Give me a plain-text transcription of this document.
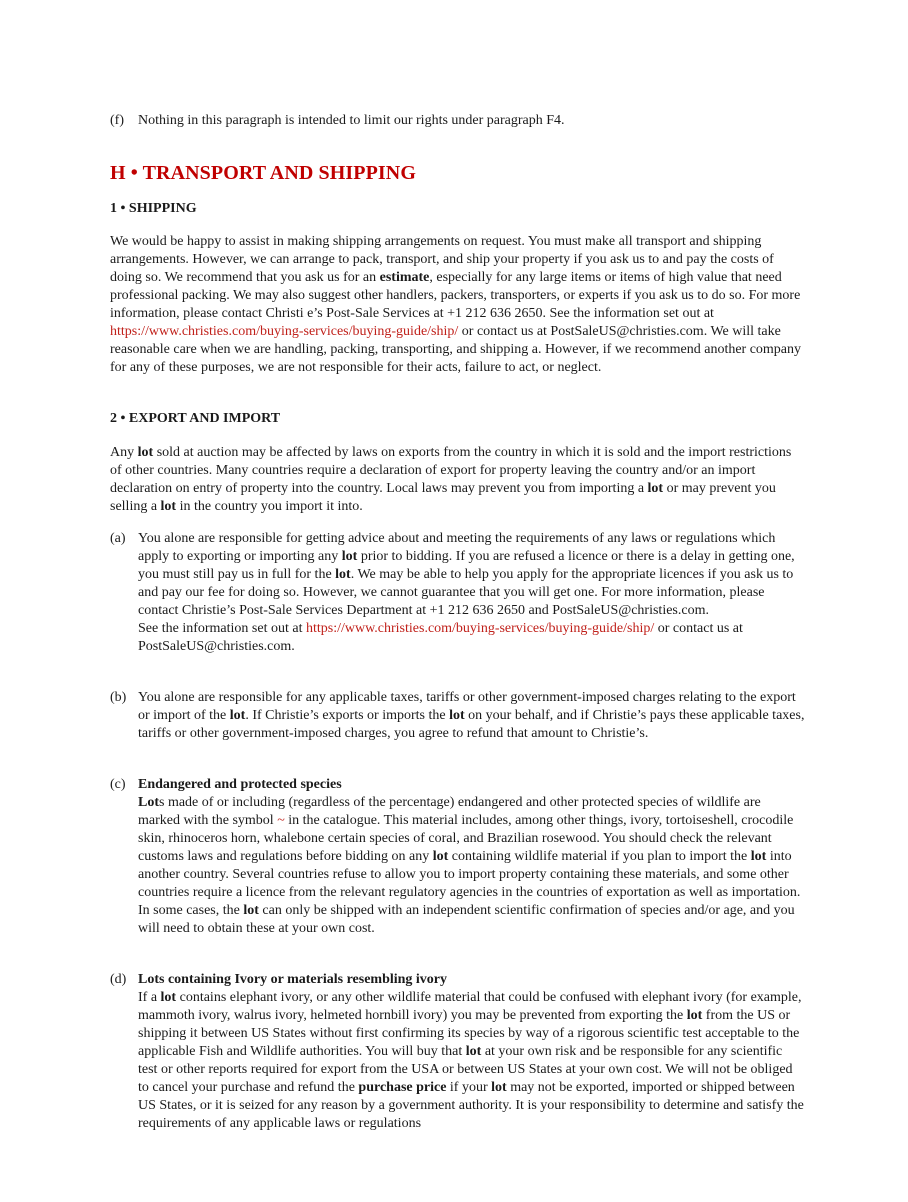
(f) Nothing in this paragraph is intended to limit our rights under paragraph F4.
H • TRANSPORT AND SHIPPING
1 • SHIPPING

We would be happy to assist in making shipping arrangements on request. You must make all transport and shipping arrangements. However, we can arrange to pack, transport, and ship your property if you ask us to and pay the costs of doing so. We recommend that you ask us for an estimate, especially for any large items or items of high value that need professional packing. We may also suggest other handlers, packers, transporters, or experts if you ask us to do so. For more information, please contact Christi e’s Post-Sale Services at +1 212 636 2650. See the information set out at https://www.christies.com/buying-services/buying-guide/ship/ or contact us at PostSaleUS@christies.com. We will take reasonable care when we are handling, packing, transporting, and shipping a. However, if we recommend another company for any of these purposes, we are not responsible for their acts, failure to act, or neglect.

2 • EXPORT AND IMPORT

Any lot sold at auction may be affected by laws on exports from the country in which it is sold and the import restrictions of other countries. Many countries require a declaration of export for property leaving the country and/or an import declaration on entry of property into the country. Local laws may prevent you from importing a lot or may prevent you selling a lot in the country you import it into.

(a) You alone are responsible for getting advice about and meeting the requirements of any laws or regulations which apply to exporting or importing any lot prior to bidding. If you are refused a licence or there is a delay in getting one, you must still pay us in full for the lot. We may be able to help you apply for the appropriate licences if you ask us to and pay our fee for doing so. However, we cannot guarantee that you will get one. For more information, please contact Christie’s Post-Sale Services Department at +1 212 636 2650 and PostSaleUS@christies.com.
See the information set out at https://www.christies.com/buying-services/buying-guide/ship/ or contact us at PostSaleUS@christies.com.
(b) You alone are responsible for any applicable taxes, tariffs or other government-imposed charges relating to the export or import of the lot. If Christie’s exports or imports the lot on your behalf, and if Christie’s pays these applicable taxes, tariffs or other government-imposed charges, you agree to refund that amount to Christie’s.
(c) Endangered and protected species
Lots made of or including (regardless of the percentage) endangered and other protected species of wildlife are marked with the symbol ~ in the catalogue. This material includes, among other things, ivory, tortoiseshell, crocodile skin, rhinoceros horn, whalebone certain species of coral, and Brazilian rosewood. You should check the relevant customs laws and regulations before bidding on any lot containing wildlife material if you plan to import the lot into another country. Several countries refuse to allow you to import property containing these materials, and some other countries require a licence from the relevant regulatory agencies in the countries of exportation as well as importation. In some cases, the lot can only be shipped with an independent scientific confirmation of species and/or age, and you will need to obtain these at your own cost.
(d) Lots containing Ivory or materials resembling ivory
If a lot contains elephant ivory, or any other wildlife material that could be confused with elephant ivory (for example, mammoth ivory, walrus ivory, helmeted hornbill ivory) you may be prevented from exporting the lot from the US or shipping it between US States without first confirming its species by way of a rigorous scientific test acceptable to the applicable Fish and Wildlife authorities. You will buy that lot at your own risk and be responsible for any scientific test or other reports required for export from the USA or between US States at your own cost. We will not be obliged to cancel your purchase and refund the purchase price if your lot may not be exported, imported or shipped between US States, or it is seized for any reason by a government authority. It is your responsibility to determine and satisfy the requirements of any applicable laws or regulations
